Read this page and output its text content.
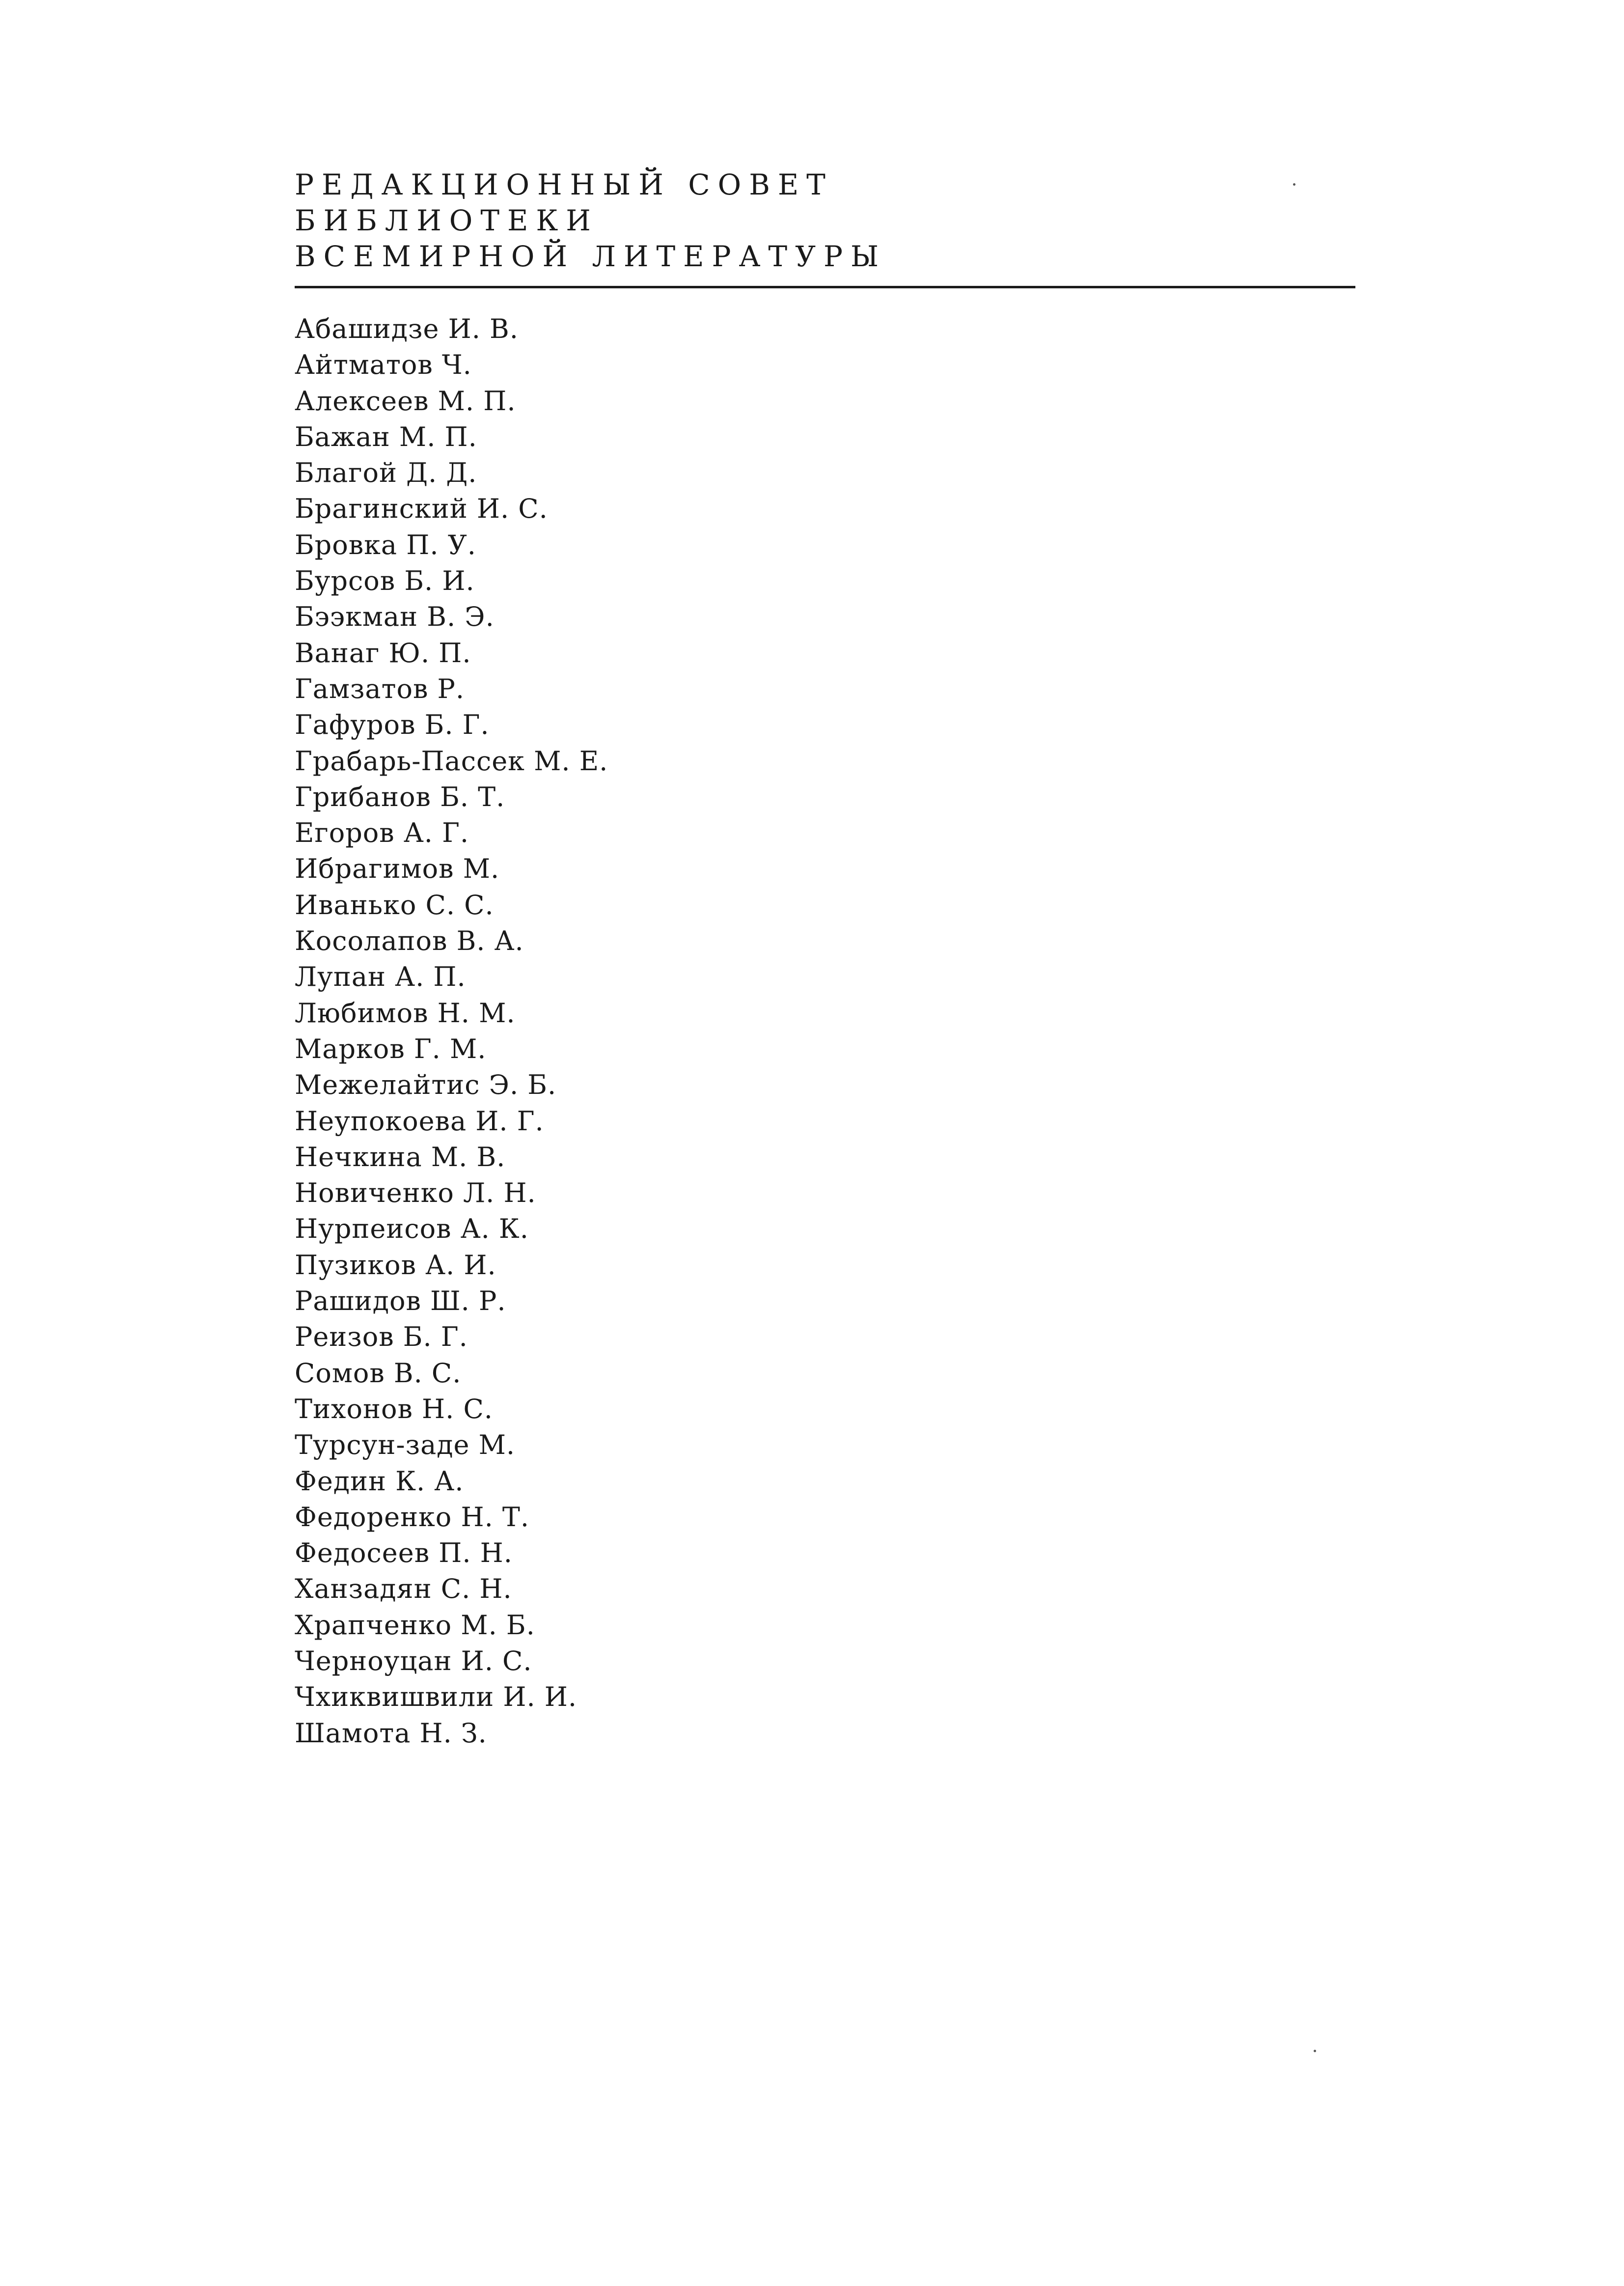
РЕДАКЦИОННЫЙ СОВЕТ
БИБЛИОТЕКИ
ВСЕМИРНОЙ ЛИТЕРАТУРЫ
Абашидзе И. В.
Айтматов Ч.
Алексеев М. П.
Бажан М. П.
Благой Д. Д.
Брагинский И. С.
Бровка П. У.
Бурсов Б. И.
Бээкман В. Э.
Ванаг Ю. П.
Гамзатов Р.
Гафуров Б. Г.
Грабарь-Пассек М. Е.
Грибанов Б. Т.
Егоров А. Г.
Ибрагимов М.
Иванько С. С.
Косолапов В. А.
Лупан А. П.
Любимов Н. М.
Марков Г. М.
Межелайтис Э. Б.
Неупокоева И. Г.
Нечкина М. В.
Новиченко Л. Н.
Нурпеисов А. К.
Пузиков А. И.
Рашидов Ш. Р.
Реизов Б. Г.
Сомов В. С.
Тихонов Н. С.
Турсун-заде М.
Федин К. А.
Федоренко Н. Т.
Федосеев П. Н.
Ханзадян С. Н.
Храпченко М. Б.
Черноуцан И. С.
Чхиквишвили И. И.
Шамота Н. З.
